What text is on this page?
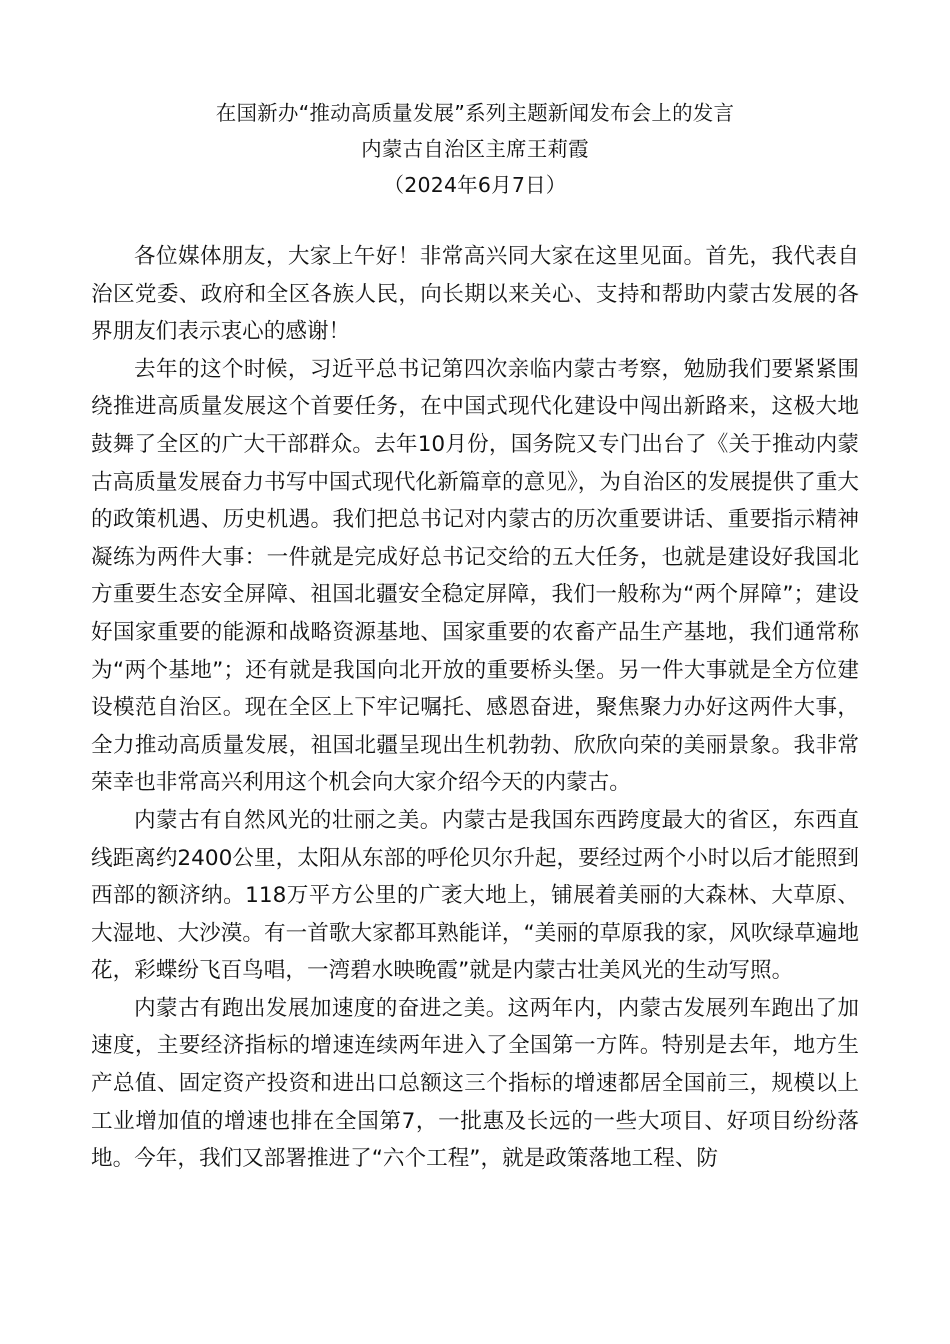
在国新办“推动高质量发展”系列主题新闻发布会上的发言
内蒙古自治区主席王莉霞
（2024年6月7日）

各位媒体朋友，大家上午好！非常高兴同大家在这里见面。首先，我代表自治区党委、政府和全区各族人民，向长期以来关心、支持和帮助内蒙古发展的各界朋友们表示衷心的感谢！

去年的这个时候，习近平总书记第四次亲临内蒙古考察，勉励我们要紧紧围绕推进高质量发展这个首要任务，在中国式现代化建设中闯出新路来，这极大地鼓舞了全区的广大干部群众。去年10月份，国务院又专门出台了《关于推动内蒙古高质量发展奋力书写中国式现代化新篇章的意见》，为自治区的发展提供了重大的政策机遇、历史机遇。我们把总书记对内蒙古的历次重要讲话、重要指示精神凝练为两件大事：一件就是完成好总书记交给的五大任务，也就是建设好我国北方重要生态安全屏障、祖国北疆安全稳定屏障，我们一般称为“两个屏障”；建设好国家重要的能源和战略资源基地、国家重要的农畜产品生产基地，我们通常称为“两个基地”；还有就是我国向北开放的重要桥头堡。另一件大事就是全方位建设模范自治区。现在全区上下牢记嘱托、感恩奋进，聚焦聚力办好这两件大事，全力推动高质量发展，祖国北疆呈现出生机勃勃、欣欣向荣的美丽景象。我非常荣幸也非常高兴利用这个机会向大家介绍今天的内蒙古。

内蒙古有自然风光的壮丽之美。内蒙古是我国东西跨度最大的省区，东西直线距离约2400公里，太阳从东部的呼伦贝尔升起，要经过两个小时以后才能照到西部的额济纳。118万平方公里的广袤大地上，铺展着美丽的大森林、大草原、大湿地、大沙漠。有一首歌大家都耳熟能详，“美丽的草原我的家，风吹绿草遍地花，彩蝶纷飞百鸟唱，一湾碧水映晚霞”就是内蒙古壮美风光的生动写照。

内蒙古有跑出发展加速度的奋进之美。这两年内，内蒙古发展列车跑出了加速度，主要经济指标的增速连续两年进入了全国第一方阵。特别是去年，地方生产总值、固定资产投资和进出口总额这三个指标的增速都居全国前三，规模以上工业增加值的增速也排在全国第7，一批惠及长远的一些大项目、好项目纷纷落地。今年，我们又部署推进了“六个工程”，就是政策落地工程、防
